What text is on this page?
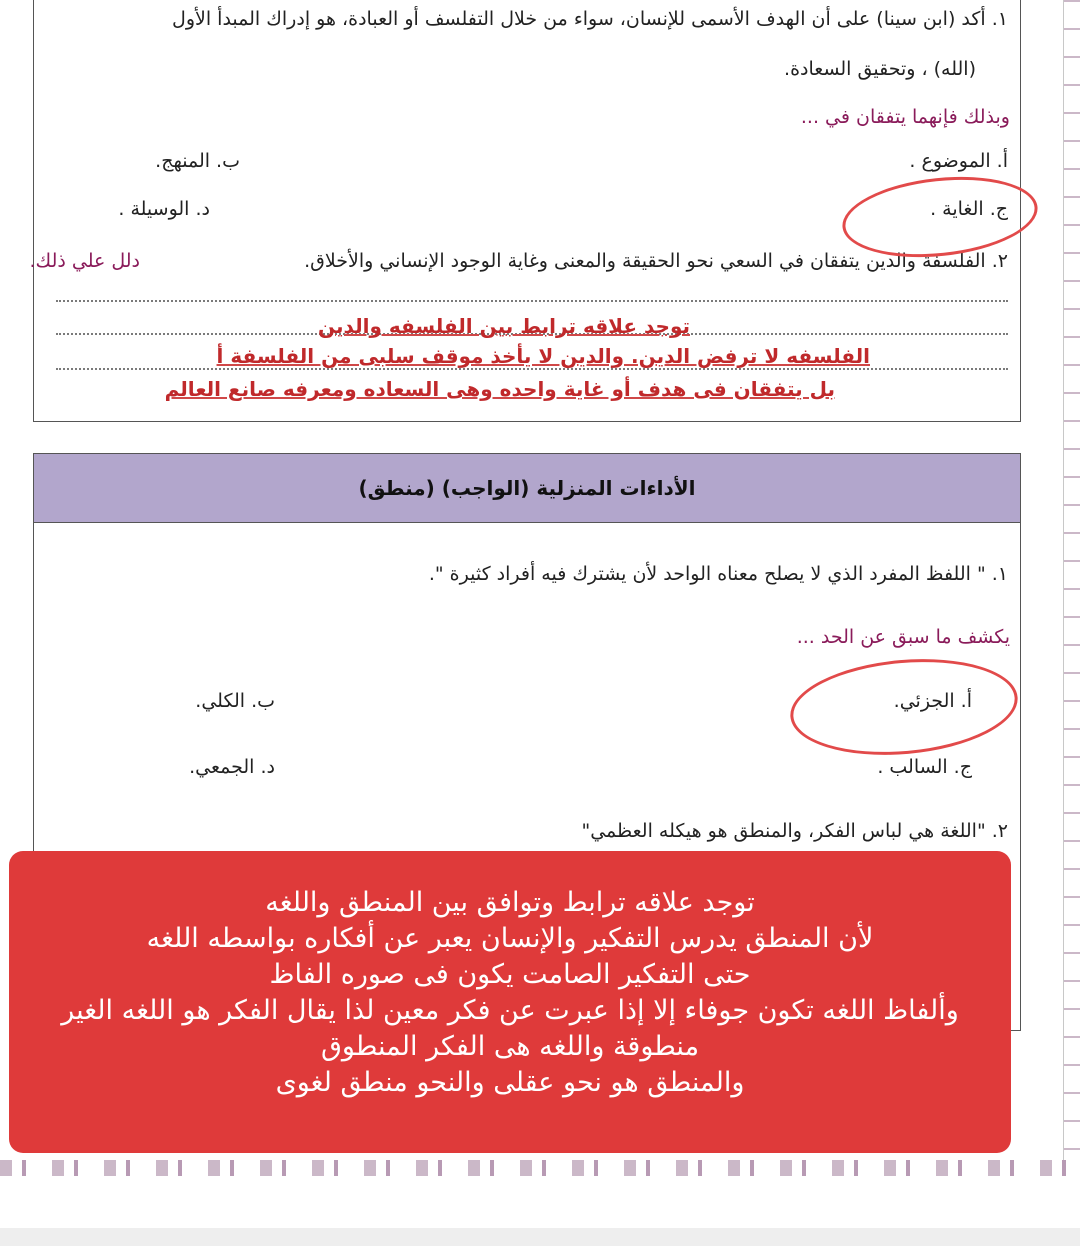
١. أكد (ابن سينا) على أن الهدف الأسمى للإنسان، سواء من خلال التفلسف أو العبادة، هو إدراك المبدأ الأول
(الله) ، وتحقيق السعادة.
وبذلك فإنهما يتفقان في ...
أ. الموضوع .
ب. المنهج.
ج. الغاية .
د. الوسيلة .
٢. الفلسفة والدين يتفقان في السعي نحو الحقيقة والمعنى وغاية الوجود الإنساني والأخلاق.
دلل علي ذلك.
توجد علاقه ترابط بين الفلسفه والدين
الفلسفه لا ترفض الدين. والدين لا يأخذ موقف سلبى من الفلسفة أ
بل يتفقان فى هدف أو غاية واحده وهى السعاده ومعرفه صانع العالم
الأداءات المنزلية (الواجب) (منطق)
١. " اللفظ المفرد الذي لا يصلح معناه الواحد لأن يشترك فيه أفراد كثيرة ".
يكشف ما سبق عن الحد ...
أ. الجزئي.
ب. الكلي.
ج. السالب .
د. الجمعي.
٢. "اللغة هي لباس الفكر، والمنطق هو هيكله العظمي"
توجد علاقه ترابط وتوافق بين المنطق واللغه
لأن المنطق يدرس التفكير والإنسان يعبر عن أفكاره بواسطه اللغه
حتى التفكير الصامت يكون فى صوره الفاظ
وألفاظ اللغه تكون جوفاء إلا إذا عبرت عن فكر معين لذا يقال الفكر هو اللغه الغير
منطوقة واللغه هى الفكر المنطوق
والمنطق هو نحو عقلى والنحو منطق لغوى
